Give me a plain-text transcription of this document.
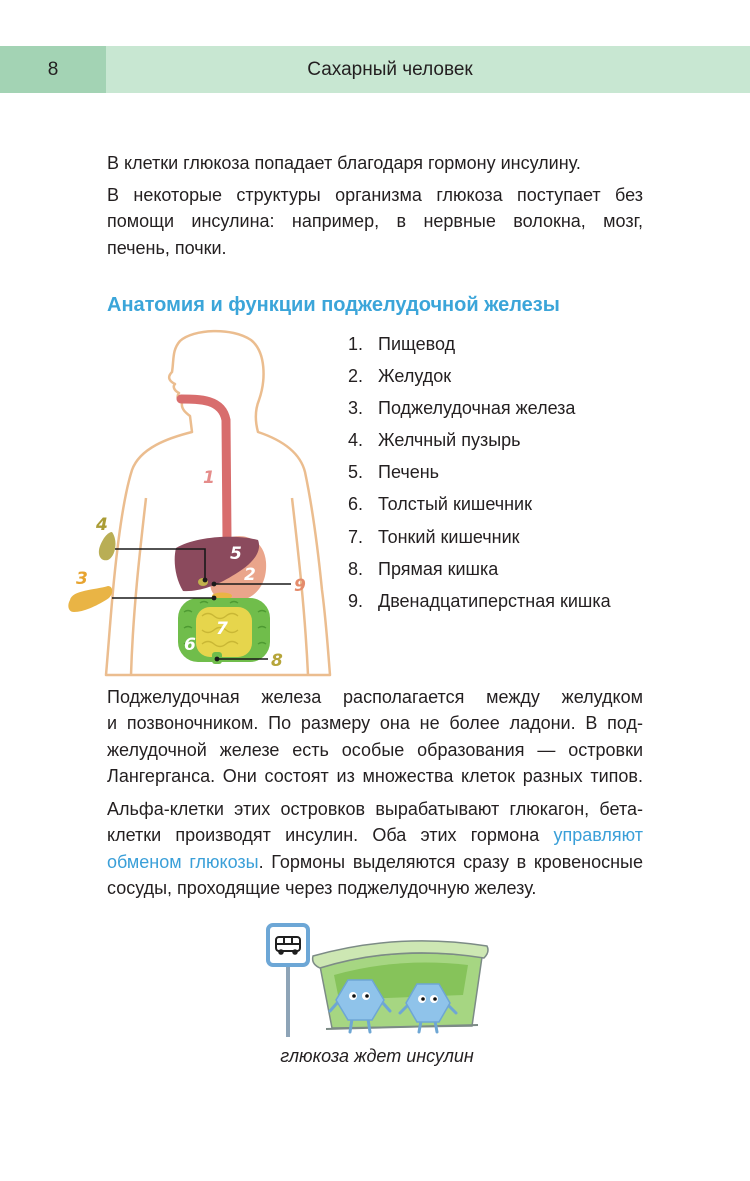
8	Сахарный человек
В клетки глюкоза попадает благодаря гормону инсулину.
В некоторые структуры организма глюкоза поступает без
помощи инсулина: например, в нервные волокна, мозг,
печень, почки.
Анатомия и функции поджелудочной железы
1
2
3
4
5
6
7
8
9
1. Пищевод
2. Желудок
3. Поджелудочная железа
4. Желчный пузырь
5. Печень
6. Толстый кишечник
7. Тонкий кишечник
8. Прямая кишка
9. Двенадцатиперстная кишка
Поджелудочная железа располагается между желудком
и позвоночником. По размеру она не более ладони. В под-
желудочной железе есть особые образования — островки
Лангерганса. Они состоят из множества клеток разных типов.
Альфа-клетки этих островков вырабатывают глюкагон, бета-
клетки производят инсулин. Оба этих гормона управляют
обменом глюкозы. Гормоны выделяются сразу в кровеносные
сосуды, проходящие через поджелудочную железу.
глюкоза ждет инсулин
